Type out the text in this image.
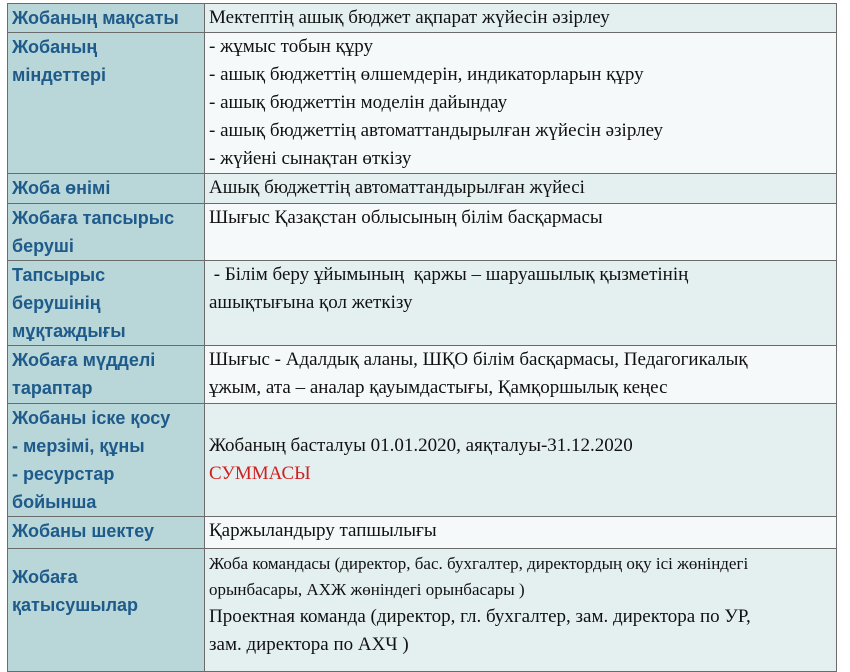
Жобаның мақсаты	Мектептің ашық бюджет ақпарат жүйесін әзірлеу

Жобаның
міндеттері	- жұмыс тобын құру
- ашық бюджеттің өлшемдерін, индикаторларын құру
- ашық бюджеттін моделін дайындау
- ашық бюджеттің автоматтандырылған жүйесін әзірлеу
- жүйені сынақтан өткізу

Жоба өнімі	Ашық бюджеттің автоматтандырылған жүйесі

Жобаға тапсырыс
беруші	Шығыс Қазақстан облысының білім басқармасы

Тапсырыс
берушінің
мұқтаждығы	- Білім беру ұйымының  қаржы – шаруашылық қызметінің
ашықтығына қол жеткізу

Жобаға мүдделі
тараптар	Шығыс - Адалдық аланы, ШҚО білім басқармасы, Педагогикалық
ұжым, ата – аналар қауымдастығы, Қамқоршылық кеңес

Жобаны іске қосу
- мерзімі, құны
- ресурстар
бойынша	Жобаның басталуы 01.01.2020, аяқталуы-31.12.2020
СУММАСЫ

Жобаны шектеу	Қаржыландыру тапшылығы

Жобаға
қатысушылар	Жоба командасы (директор, бас. бухгалтер, директордың оқу ісі жөніндегі
орынбасары, АХЖ жөніндегі орынбасары )
Проектная команда (директор, гл. бухгалтер, зам. директора по УР,
зам. директора по АХЧ )
